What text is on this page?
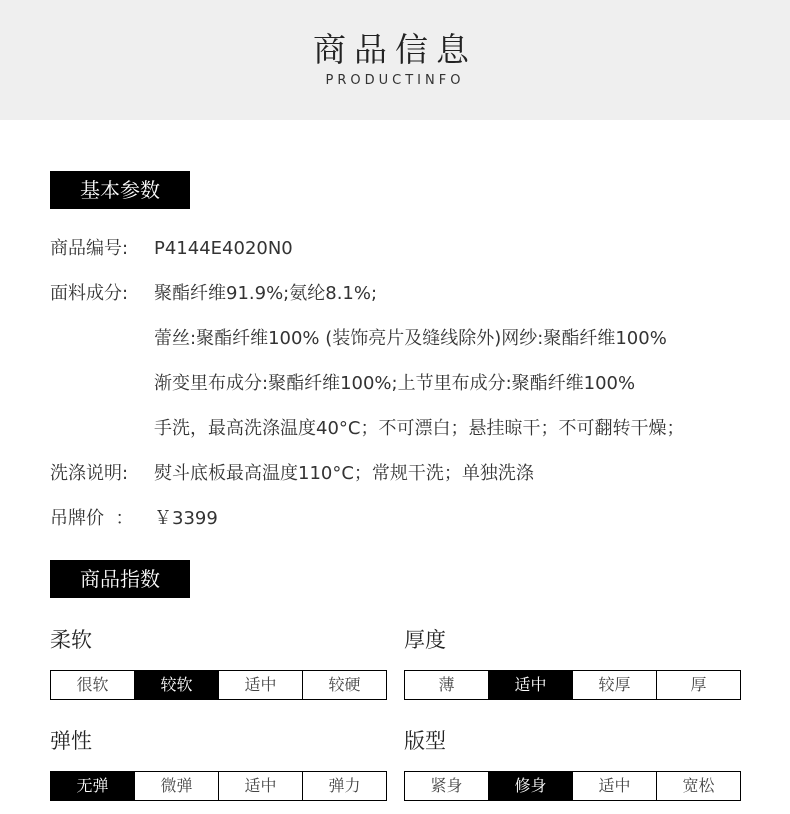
商品信息
PRODUCTINFO
基本参数
商品编号:	P4144E4020N0
面料成分:	聚酯纤维91.9%;氨纶8.1%;
蕾丝:聚酯纤维100% (装饰亮片及缝线除外)网纱:聚酯纤维100%
渐变里布成分:聚酯纤维100%;上节里布成分:聚酯纤维100%
手洗，最高洗涤温度40°C；不可漂白；悬挂晾干；不可翻转干燥；
洗涤说明:	熨斗底板最高温度110°C；常规干洗；单独洗涤
吊牌价  ：	￥3399
商品指数
柔软
很软	较软	适中	较硬
厚度
薄	适中	较厚	厚
弹性
无弹	微弹	适中	弹力
版型
紧身	修身	适中	宽松
